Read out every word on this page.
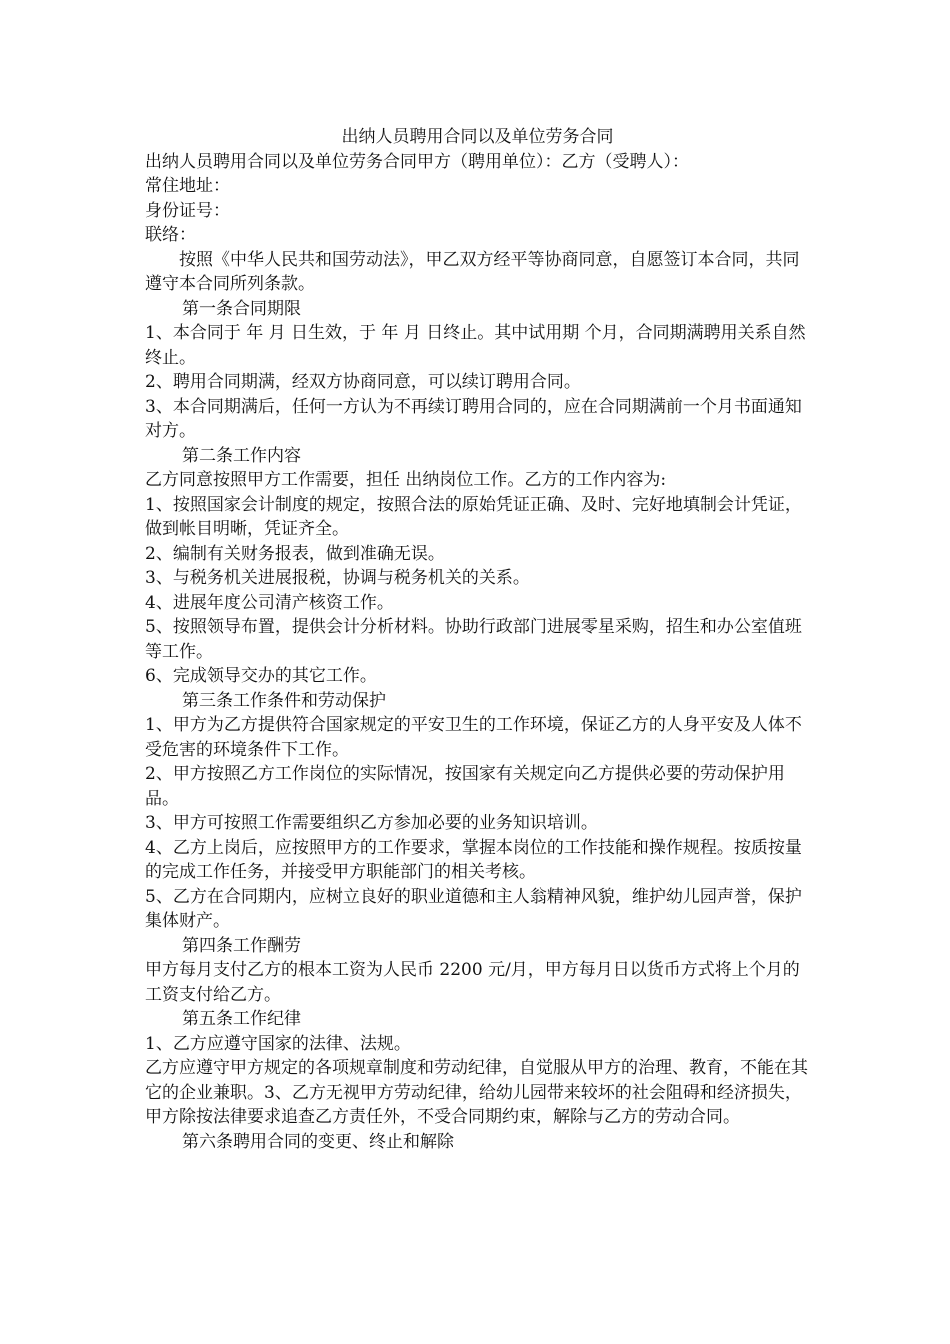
出纳人员聘用合同以及单位劳务合同

出纳人员聘用合同以及单位劳务合同甲方（聘用单位）：乙方（受聘人）：

常住地址：

身份证号：

联络：

按照《中华人民共和国劳动法》，甲乙双方经平等协商同意，自愿签订本合同，共同遵守本合同所列条款。

第一条合同期限

1、本合同于 年 月 日生效，于 年 月 日终止。其中试用期 个月，合同期满聘用关系自然终止。

2、聘用合同期满，经双方协商同意，可以续订聘用合同。

3、本合同期满后，任何一方认为不再续订聘用合同的，应在合同期满前一个月书面通知对方。

第二条工作内容

乙方同意按照甲方工作需要，担任 出纳岗位工作。乙方的工作内容为:

1、按照国家会计制度的规定，按照合法的原始凭证正确、及时、完好地填制会计凭证，做到帐目明晰，凭证齐全。

2、编制有关财务报表，做到准确无误。

3、与税务机关进展报税，协调与税务机关的关系。

4、进展年度公司清产核资工作。

5、按照领导布置，提供会计分析材料。协助行政部门进展零星采购，招生和办公室值班等工作。

6、完成领导交办的其它工作。

第三条工作条件和劳动保护

1、甲方为乙方提供符合国家规定的平安卫生的工作环境，保证乙方的人身平安及人体不受危害的环境条件下工作。

2、甲方按照乙方工作岗位的实际情况，按国家有关规定向乙方提供必要的劳动保护用品。

3、甲方可按照工作需要组织乙方参加必要的业务知识培训。

4、乙方上岗后，应按照甲方的工作要求，掌握本岗位的工作技能和操作规程。按质按量的完成工作任务，并接受甲方职能部门的相关考核。

5、乙方在合同期内，应树立良好的职业道德和主人翁精神风貌，维护幼儿园声誉，保护集体财产。

第四条工作酬劳

甲方每月支付乙方的根本工资为人民币 2200 元/月，甲方每月日以货币方式将上个月的工资支付给乙方。

第五条工作纪律

1、乙方应遵守国家的法律、法规。

乙方应遵守甲方规定的各项规章制度和劳动纪律，自觉服从甲方的治理、教育，不能在其它的企业兼职。3、乙方无视甲方劳动纪律，给幼儿园带来较坏的社会阻碍和经济损失，甲方除按法律要求追查乙方责任外，不受合同期约束，解除与乙方的劳动合同。

第六条聘用合同的变更、终止和解除
